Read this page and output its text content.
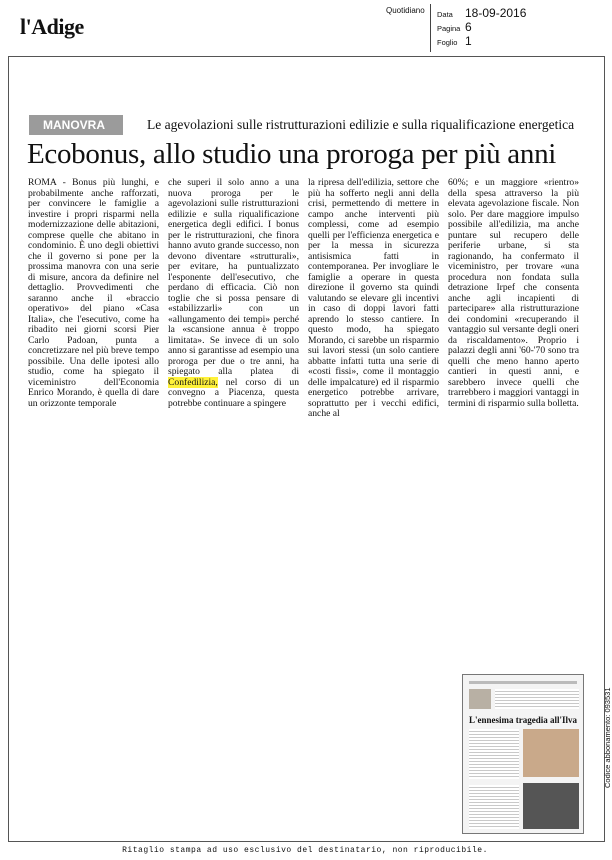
l'Adige
Quotidiano Data	18-09-2016
Pagina 6
Foglio 1
MANOVRA	Le agevolazioni sulle ristrutturazioni edilizie e sulla riqualificazione energetica
Ecobonus, allo studio una proroga per più anni

ROMA - Bonus più lunghi, e probabilmente anche rafforzati, per convincere le famiglie a investire i propri risparmi nella modernizzazione delle abitazioni, comprese quelle che abitano in condominio. È uno degli obiettivi che il governo si pone per la prossima manovra con una serie di misure, ancora da definire nel dettaglio. Provvedimenti che saranno anche il «braccio operativo» del piano «Casa Italia», che l'esecutivo, come ha ribadito nei giorni scorsi Pier Carlo Padoan, punta a concretizzare nel più breve tempo possibile. Una delle ipotesi allo studio, come ha spiegato il viceministro dell'Economia Enrico Morando, è quella di dare un orizzonte temporale

che superi il solo anno a una nuova proroga per le agevolazioni sulle ristrutturazioni edilizie e sulla riqualificazione energetica degli edifici. I bonus per le ristrutturazioni, che finora hanno avuto grande successo, non devono diventare «strutturali», per evitare, ha puntualizzato l'esponente dell'esecutivo, che perdano di efficacia. Ciò non toglie che si possa pensare di «stabilizzarli» con un «allungamento dei tempi» perché la «scansione annua è troppo limitata». Se invece di un solo anno si garantisse ad esempio una proroga per due o tre anni, ha spiegato alla platea di Confedilizia, nel corso di un convegno a Piacenza, questa potrebbe continuare a spingere

la ripresa dell'edilizia, settore che più ha sofferto negli anni della crisi, permettendo di mettere in campo anche interventi più complessi, come ad esempio quelli per l'efficienza energetica e per la messa in sicurezza antisismica fatti in contemporanea. Per invogliare le famiglie a operare in questa direzione il governo sta quindi valutando se elevare gli incentivi in caso di doppi lavori fatti aprendo lo stesso cantiere. In questo modo, ha spiegato Morando, ci sarebbe un risparmio sui lavori stessi (un solo cantiere abbatte infatti tutta una serie di «costi fissi», come il montaggio delle impalcature) ed il risparmio energetico potrebbe arrivare, soprattutto per i vecchi edifici, anche al

60%; e un maggiore «rientro» della spesa attraverso la più elevata agevolazione fiscale. Non solo. Per dare maggiore impulso possibile all'edilizia, ma anche puntare sul recupero delle periferie urbane, si sta ragionando, ha confermato il viceministro, per trovare «una procedura non fondata sulla detrazione Irpef che consenta anche agli incapienti di partecipare» alla ristrutturazione dei condomini «recuperando il vantaggio sul versante degli oneri da riscaldamento». Proprio i palazzi degli anni '60-'70 sono tra quelli che meno hanno aperto cantieri in questi anni, e sarebbero invece quelli che trarrebbero i maggiori vantaggi in termini di risparmio sulla bolletta.

L'ennesima tragedia all'Ilva	Codice abbonamento: 093531
Ritaglio stampa ad uso esclusivo del destinatario, non riproducibile.
